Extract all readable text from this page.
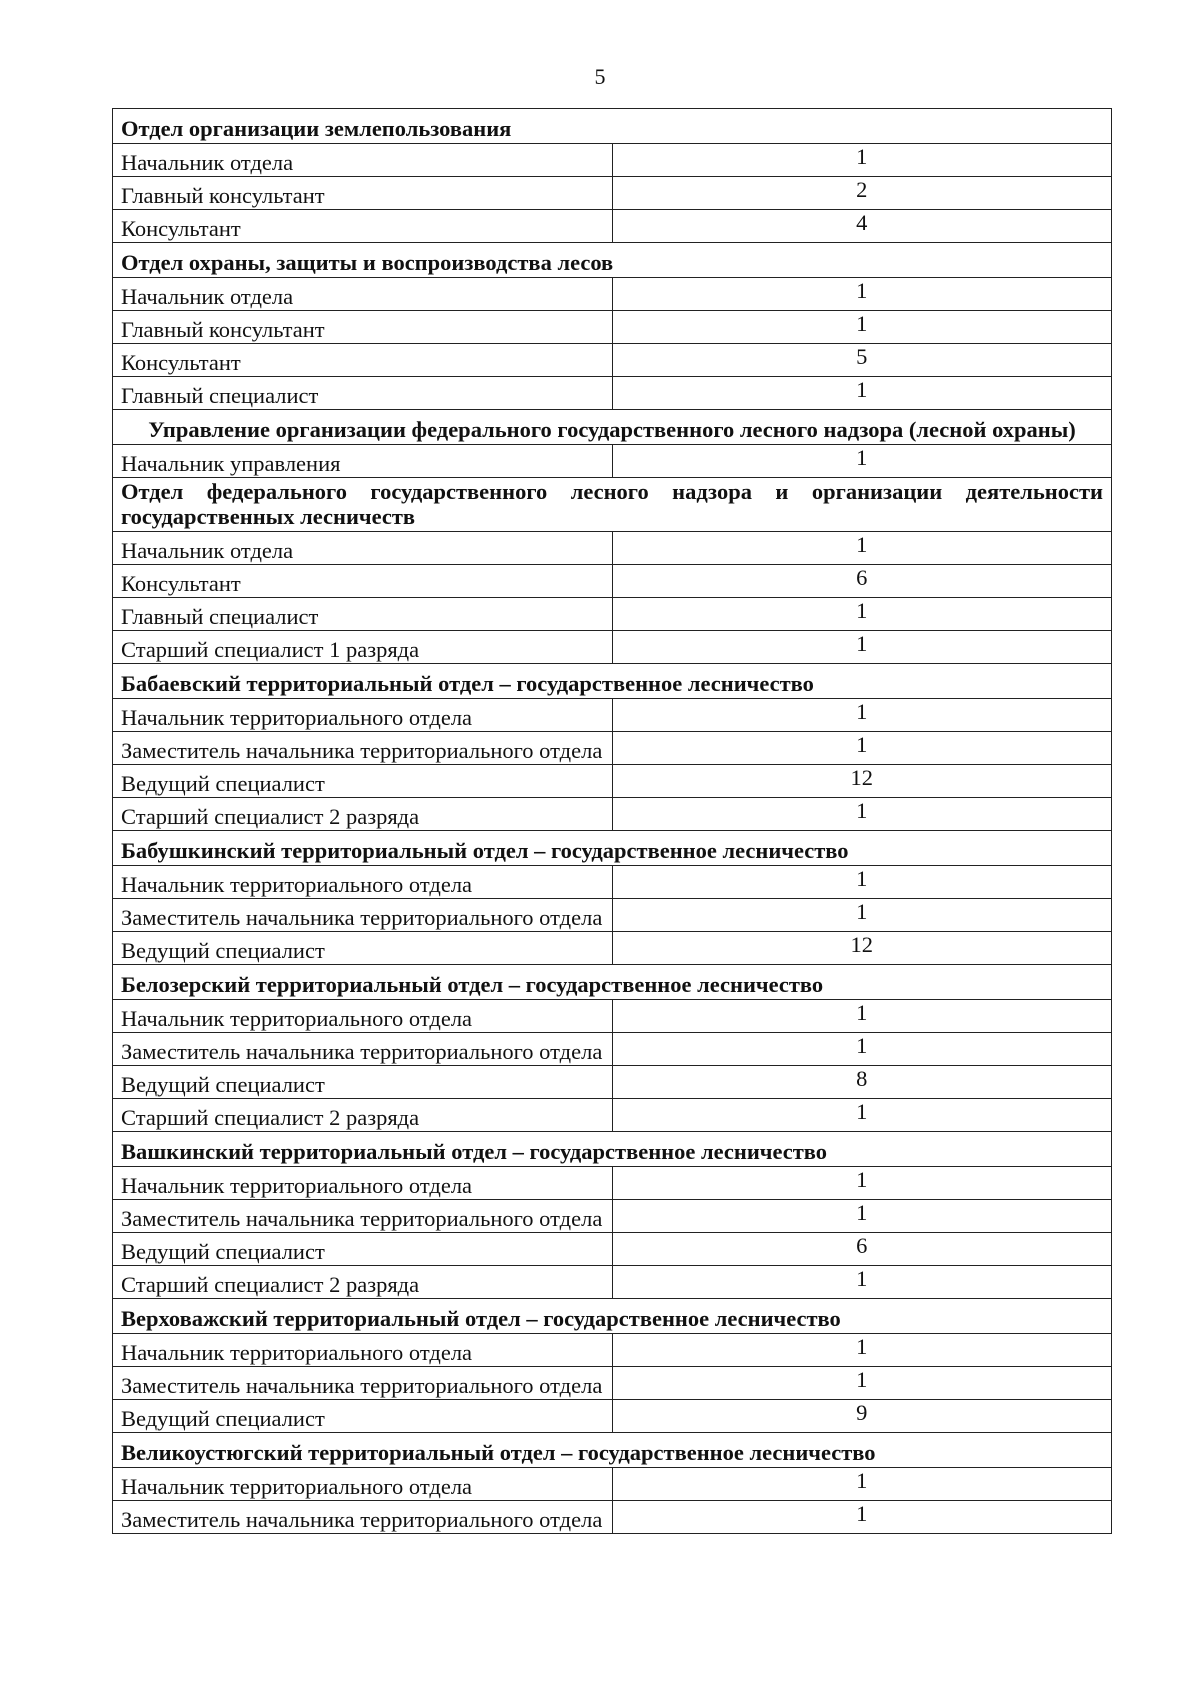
5
Отдел организации землепользования	
Начальник отдела	1
Главный консультант	2
Консультант	4
Отдел охраны, защиты и воспроизводства лесов	
Начальник отдела	1
Главный консультант	1
Консультант	5
Главный специалист	1
Управление организации федерального государственного лесного надзора (лесной охраны)	
Начальник управления	1
Отдел федерального государственного лесного надзора и организации деятельности государственных лесничеств	
Начальник отдела	1
Консультант	6
Главный специалист	1
Старший специалист 1 разряда	1
Бабаевский территориальный отдел – государственное лесничество	
Начальник территориального отдела	1
Заместитель начальника территориального отдела	1
Ведущий специалист	12
Старший специалист 2 разряда	1
Бабушкинский территориальный отдел – государственное лесничество	
Начальник территориального отдела	1
Заместитель начальника территориального отдела	1
Ведущий специалист	12
Белозерский территориальный отдел – государственное лесничество	
Начальник территориального отдела	1
Заместитель начальника территориального отдела	1
Ведущий специалист	8
Старший специалист 2 разряда	1
Вашкинский территориальный отдел – государственное лесничество	
Начальник территориального отдела	1
Заместитель начальника территориального отдела	1
Ведущий специалист	6
Старший специалист 2 разряда	1
Верховажский территориальный отдел – государственное лесничество	
Начальник территориального отдела	1
Заместитель начальника территориального отдела	1
Ведущий специалист	9
Великоустюгский территориальный отдел – государственное лесничество	
Начальник территориального отдела	1
Заместитель начальника территориального отдела	1
